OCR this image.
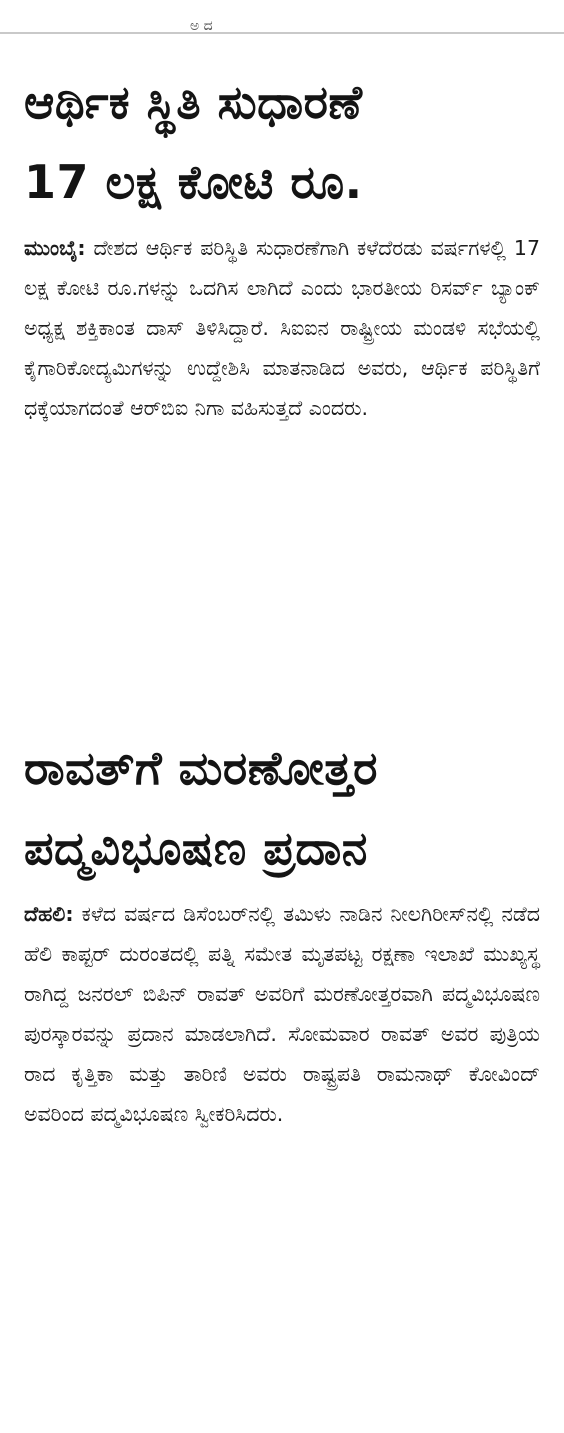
ಅ ದ
ಆರ್ಥಿಕ ಸ್ಥಿತಿ ಸುಧಾರಣೆ
17 ಲಕ್ಷ ಕೋಟಿ ರೂ.

ಮುಂಬೈ: ದೇಶದ ಆರ್ಥಿಕ ಪರಿಸ್ಥಿತಿ ಸುಧಾರಣೆಗಾಗಿ ಕಳೆದೆರಡು ವರ್ಷಗಳಲ್ಲಿ 17 ಲಕ್ಷ ಕೋಟಿ ರೂ.ಗಳನ್ನು ಒದಗಿಸ ಲಾಗಿದೆ ಎಂದು ಭಾರತೀಯ ರಿಸರ್ವ್ ಬ್ಯಾಂಕ್ ಅಧ್ಯಕ್ಷ ಶಕ್ತಿಕಾಂತ ದಾಸ್ ತಿಳಿಸಿದ್ದಾರೆ. ಸಿಐಐನ ರಾಷ್ಟ್ರೀಯ ಮಂಡಳಿ ಸಭೆಯಲ್ಲಿ ಕೈಗಾರಿಕೋದ್ಯಮಿಗಳನ್ನು ಉದ್ದೇಶಿಸಿ ಮಾತನಾಡಿದ ಅವರು, ಆರ್ಥಿಕ ಪರಿಸ್ಥಿತಿಗೆ ಧಕ್ಕೆಯಾಗದಂತೆ ಆರ್‌ಬಿಐ ನಿಗಾ ವಹಿಸುತ್ತದೆ ಎಂದರು.

ರಾವತ್‌ಗೆ ಮರಣೋತ್ತರ
ಪದ್ಮವಿಭೂಷಣ ಪ್ರದಾನ

ದೆಹಲಿ: ಕಳೆದ ವರ್ಷದ ಡಿಸೆಂಬರ್‌ನಲ್ಲಿ ತಮಿಳು ನಾಡಿನ ನೀಲಗಿರೀಸ್‌ನಲ್ಲಿ ನಡೆದ ಹೆಲಿ ಕಾಪ್ಟರ್ ದುರಂತದಲ್ಲಿ ಪತ್ನಿ ಸಮೇತ ಮೃತಪಟ್ಟ ರಕ್ಷಣಾ ಇಲಾಖೆ ಮುಖ್ಯಸ್ಥ ರಾಗಿದ್ದ ಜನರಲ್ ಬಿಪಿನ್ ರಾವತ್ ಅವರಿಗೆ ಮರಣೋತ್ತರವಾಗಿ ಪದ್ಮವಿಭೂಷಣ ಪುರಸ್ಕಾರವನ್ನು ಪ್ರದಾನ ಮಾಡಲಾಗಿದೆ. ಸೋಮವಾರ ರಾವತ್ ಅವರ ಪುತ್ರಿಯ ರಾದ ಕೃತ್ತಿಕಾ ಮತ್ತು ತಾರಿಣಿ ಅವರು ರಾಷ್ಟ್ರಪತಿ ರಾಮನಾಥ್ ಕೋವಿಂದ್ ಅವರಿಂದ ಪದ್ಮವಿಭೂಷಣ ಸ್ವೀಕರಿಸಿದರು.
